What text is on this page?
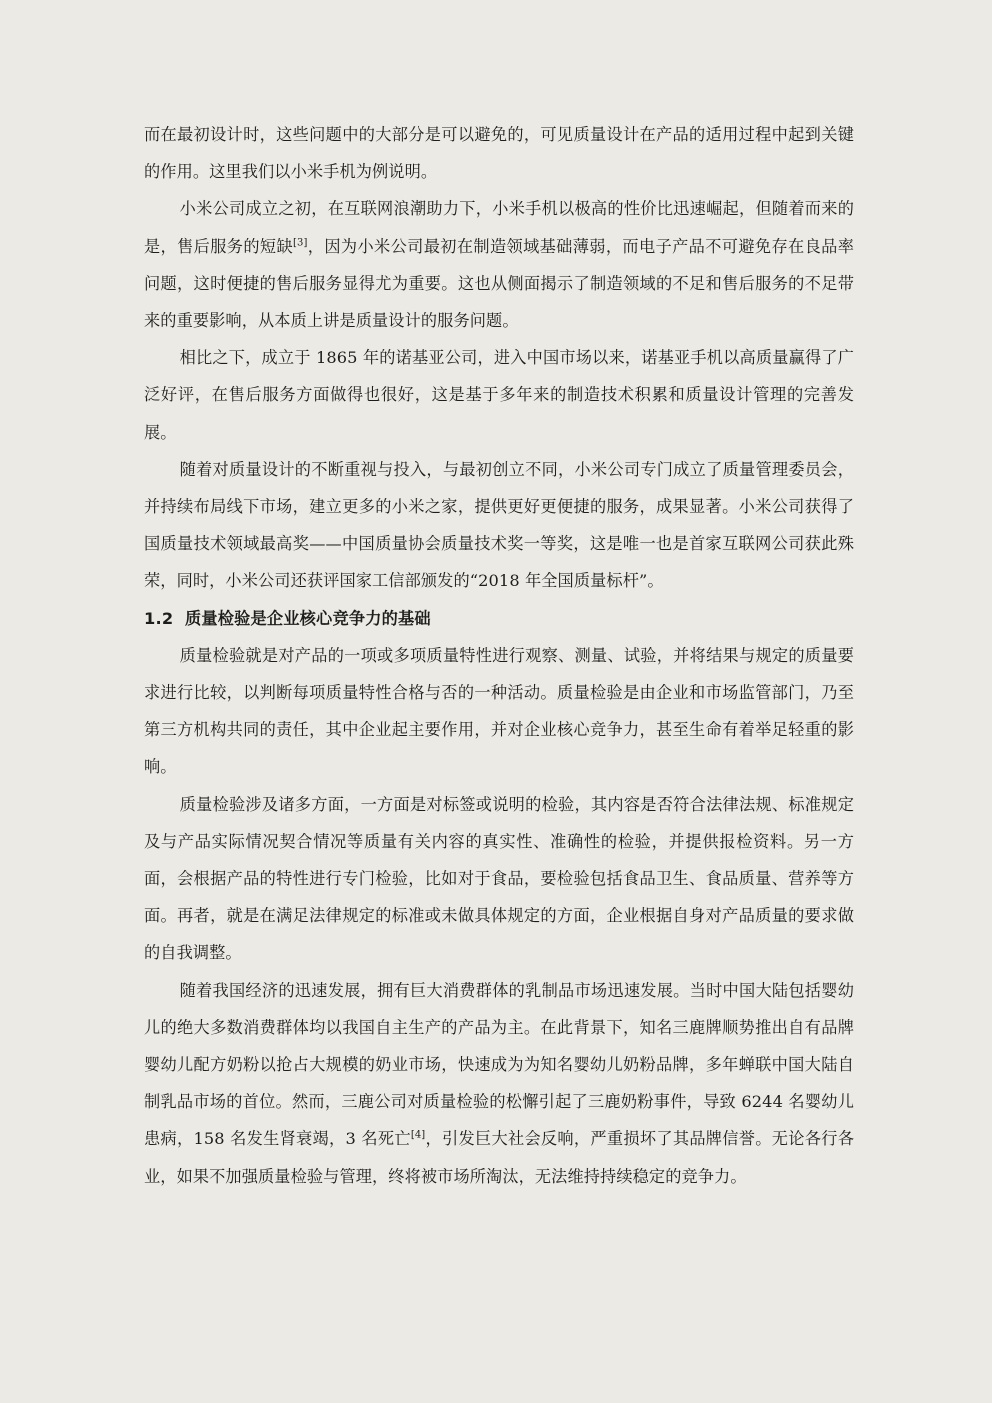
而在最初设计时，这些问题中的大部分是可以避免的，可见质量设计在产品的适用过程中起到关键的作用。这里我们以小米手机为例说明。

小米公司成立之初，在互联网浪潮助力下，小米手机以极高的性价比迅速崛起，但随着而来的是，售后服务的短缺[3]，因为小米公司最初在制造领域基础薄弱，而电子产品不可避免存在良品率问题，这时便捷的售后服务显得尤为重要。这也从侧面揭示了制造领域的不足和售后服务的不足带来的重要影响，从本质上讲是质量设计的服务问题。

相比之下，成立于 1865 年的诺基亚公司，进入中国市场以来，诺基亚手机以高质量赢得了广泛好评，在售后服务方面做得也很好，这是基于多年来的制造技术积累和质量设计管理的完善发展。

随着对质量设计的不断重视与投入，与最初创立不同，小米公司专门成立了质量管理委员会，并持续布局线下市场，建立更多的小米之家，提供更好更便捷的服务，成果显著。小米公司获得了国质量技术领域最高奖——中国质量协会质量技术奖一等奖，这是唯一也是首家互联网公司获此殊荣，同时，小米公司还获评国家工信部颁发的“2018 年全国质量标杆”。

1.2 质量检验是企业核心竞争力的基础

质量检验就是对产品的一项或多项质量特性进行观察、测量、试验，并将结果与规定的质量要求进行比较，以判断每项质量特性合格与否的一种活动。质量检验是由企业和市场监管部门，乃至第三方机构共同的责任，其中企业起主要作用，并对企业核心竞争力，甚至生命有着举足轻重的影响。

质量检验涉及诸多方面，一方面是对标签或说明的检验，其内容是否符合法律法规、标准规定及与产品实际情况契合情况等质量有关内容的真实性、准确性的检验，并提供报检资料。另一方面，会根据产品的特性进行专门检验，比如对于食品，要检验包括食品卫生、食品质量、营养等方面。再者，就是在满足法律规定的标准或未做具体规定的方面，企业根据自身对产品质量的要求做的自我调整。

随着我国经济的迅速发展，拥有巨大消费群体的乳制品市场迅速发展。当时中国大陆包括婴幼儿的绝大多数消费群体均以我国自主生产的产品为主。在此背景下，知名三鹿牌顺势推出自有品牌婴幼儿配方奶粉以抢占大规模的奶业市场，快速成为为知名婴幼儿奶粉品牌，多年蝉联中国大陆自制乳品市场的首位。然而，三鹿公司对质量检验的松懈引起了三鹿奶粉事件，导致 6244 名婴幼儿患病，158 名发生肾衰竭，3 名死亡[4]，引发巨大社会反响，严重损坏了其品牌信誉。无论各行各业，如果不加强质量检验与管理，终将被市场所淘汰，无法维持持续稳定的竞争力。
